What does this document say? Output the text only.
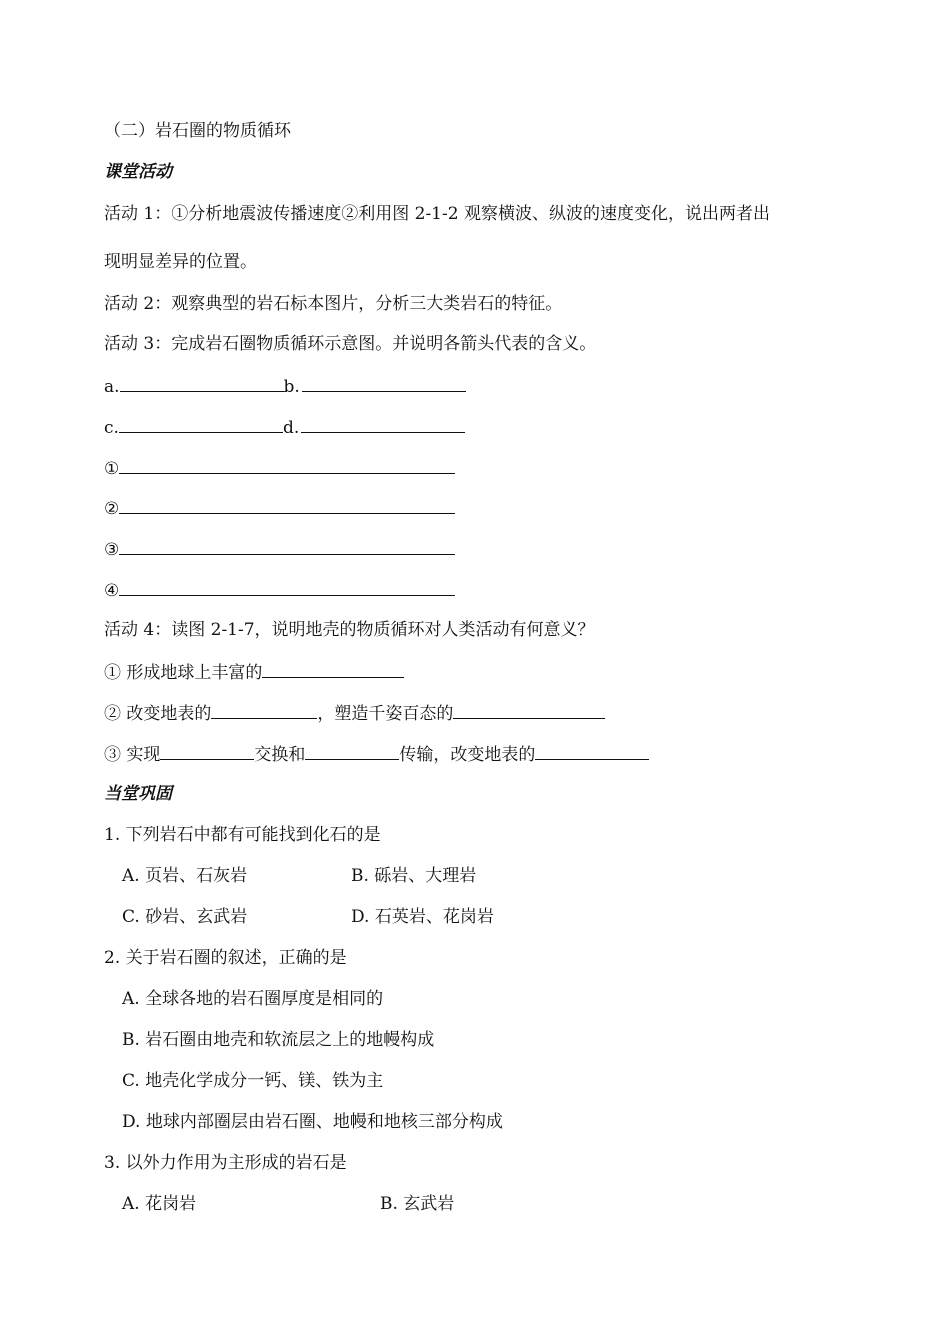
（二）岩石圈的物质循环
课堂活动
活动 1：①分析地震波传播速度②利用图 2-1-2 观察横波、纵波的速度变化，说出两者出
现明显差异的位置。
活动 2：观察典型的岩石标本图片，分析三大类岩石的特征。
活动 3：完成岩石圈物质循环示意图。并说明各箭头代表的含义。
a.	b.
c.	d.
①
②
③
④
活动 4：读图 2-1-7，说明地壳的物质循环对人类活动有何意义？
① 形成地球上丰富的
② 改变地表的	，塑造千姿百态的
③ 实现	交换和	传输，改变地表的
当堂巩固
1. 下列岩石中都有可能找到化石的是
A. 页岩、石灰岩	B. 砾岩、大理岩
C. 砂岩、玄武岩	D. 石英岩、花岗岩
2. 关于岩石圈的叙述，正确的是
A. 全球各地的岩石圈厚度是相同的
B. 岩石圈由地壳和软流层之上的地幔构成
C. 地壳化学成分一钙、镁、铁为主
D. 地球内部圈层由岩石圈、地幔和地核三部分构成
3. 以外力作用为主形成的岩石是
A. 花岗岩	B. 玄武岩
